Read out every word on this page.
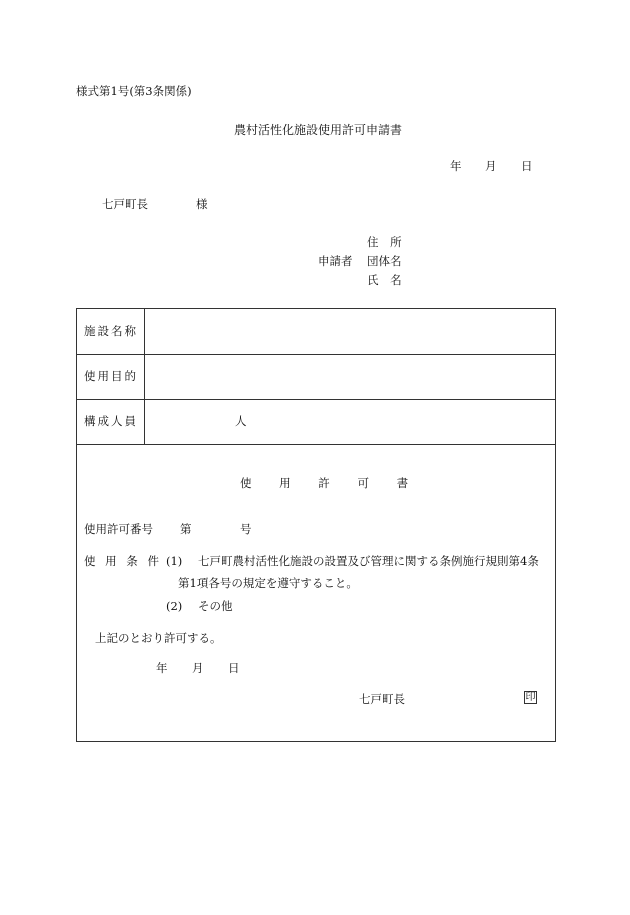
様式第1号(第3条関係)
農村活性化施設使用許可申請書
年 月 日
七戸町長	様
住 所
申請者 団体名
氏 名
施設名称
使用目的
構成人員	人
使 用 許 可 書
使用許可番号 第	号
使 用 条 件 (1) 七戸町農村活性化施設の設置及び管理に関する条例施行規則第4条
第1項各号の規定を遵守すること。
(2) その他
上記のとおり許可する。
年 月 日
七戸町長	印
